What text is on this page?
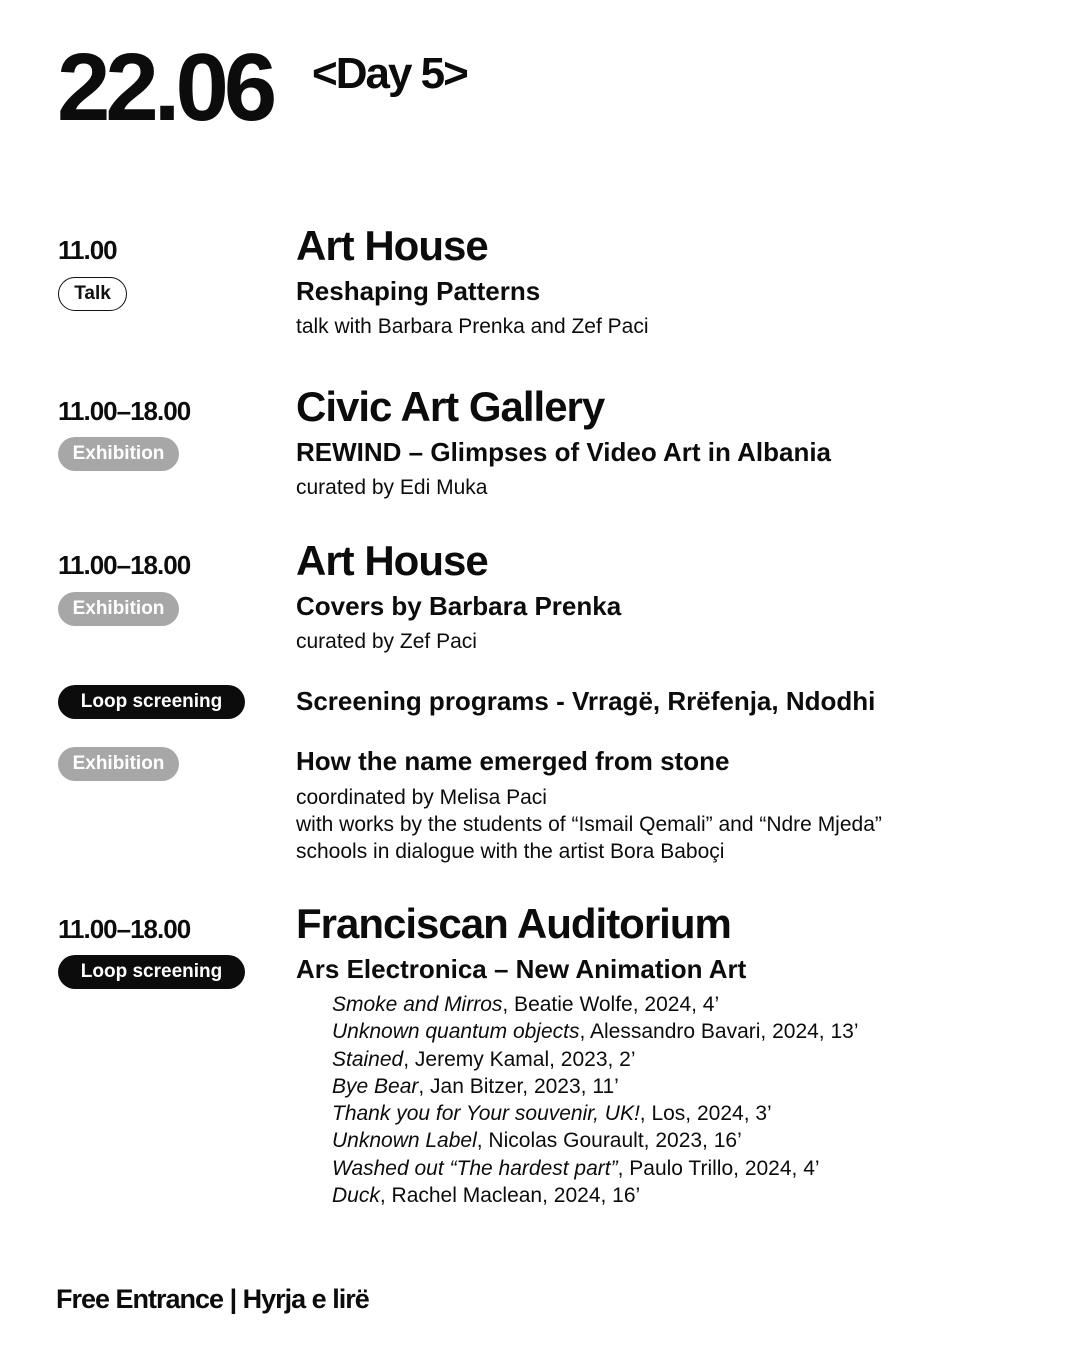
22.06 <Day 5>
11.00
Talk
Art House
Reshaping Patterns
talk with Barbara Prenka and Zef Paci
11.00–18.00
Exhibition
Civic Art Gallery
REWIND – Glimpses of Video Art in Albania
curated by Edi Muka
11.00–18.00
Exhibition
Art House
Covers by Barbara Prenka
curated by Zef Paci
Loop screening	Screening programs - Vrragë, Rrëfenja, Ndodhi
Exhibition	How the name emerged from stone
coordinated by Melisa Paci
with works by the students of “Ismail Qemali” and “Ndre Mjeda”
schools in dialogue with the artist Bora Baboçi
11.00–18.00
Loop screening
Franciscan Auditorium
Ars Electronica – New Animation Art
Smoke and Mirros, Beatie Wolfe, 2024, 4’
Unknown quantum objects, Alessandro Bavari, 2024, 13’
Stained, Jeremy Kamal, 2023, 2’
Bye Bear, Jan Bitzer, 2023, 11’
Thank you for Your souvenir, UK!, Los, 2024, 3’
Unknown Label, Nicolas Gourault, 2023, 16’
Washed out “The hardest part”, Paulo Trillo, 2024, 4’
Duck, Rachel Maclean, 2024, 16’
Free Entrance | Hyrja e lirë
